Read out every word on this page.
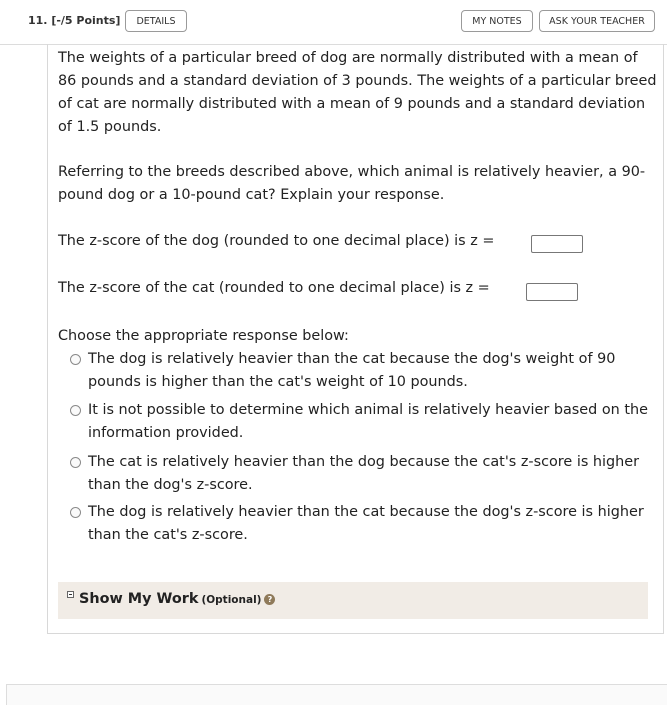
11. [-/5 Points]	DETAILS	MY NOTES	ASK YOUR TEACHER

The weights of a particular breed of dog are normally distributed with a mean of 86 pounds and a standard deviation of 3 pounds. The weights of a particular breed of cat are normally distributed with a mean of 9 pounds and a standard deviation of 1.5 pounds.

Referring to the breeds described above, which animal is relatively heavier, a 90-pound dog or a 10-pound cat? Explain your response.

The z-score of the dog (rounded to one decimal place) is z =
The z-score of the cat (rounded to one decimal place) is z =
Choose the appropriate response below:
The dog is relatively heavier than the cat because the dog's weight of 90 pounds is higher than the cat's weight of 10 pounds.
It is not possible to determine which animal is relatively heavier based on the information provided.
The cat is relatively heavier than the dog because the cat's z-score is higher than the dog's z-score.
The dog is relatively heavier than the cat because the dog's z-score is higher than the cat's z-score.
Show My Work (Optional) ?
